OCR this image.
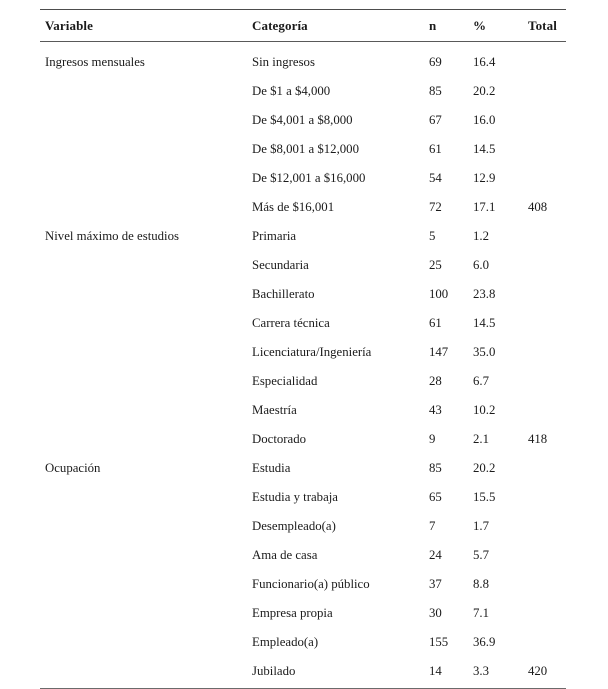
Variable	Categoría	n	%	Total
Ingresos mensuales	Sin ingresos	69	16.4	
	De $1 a $4,000	85	20.2	
	De $4,001 a $8,000	67	16.0	
	De $8,001 a $12,000	61	14.5	
	De $12,001 a $16,000	54	12.9	
	Más de $16,001	72	17.1	408
Nivel máximo de estudios	Primaria	5	1.2	
	Secundaria	25	6.0	
	Bachillerato	100	23.8	
	Carrera técnica	61	14.5	
	Licenciatura/Ingeniería	147	35.0	
	Especialidad	28	6.7	
	Maestría	43	10.2	
	Doctorado	9	2.1	418
Ocupación	Estudia	85	20.2	
	Estudia y trabaja	65	15.5	
	Desempleado(a)	7	1.7	
	Ama de casa	24	5.7	
	Funcionario(a) público	37	8.8	
	Empresa propia	30	7.1	
	Empleado(a)	155	36.9	
	Jubilado	14	3.3	420
